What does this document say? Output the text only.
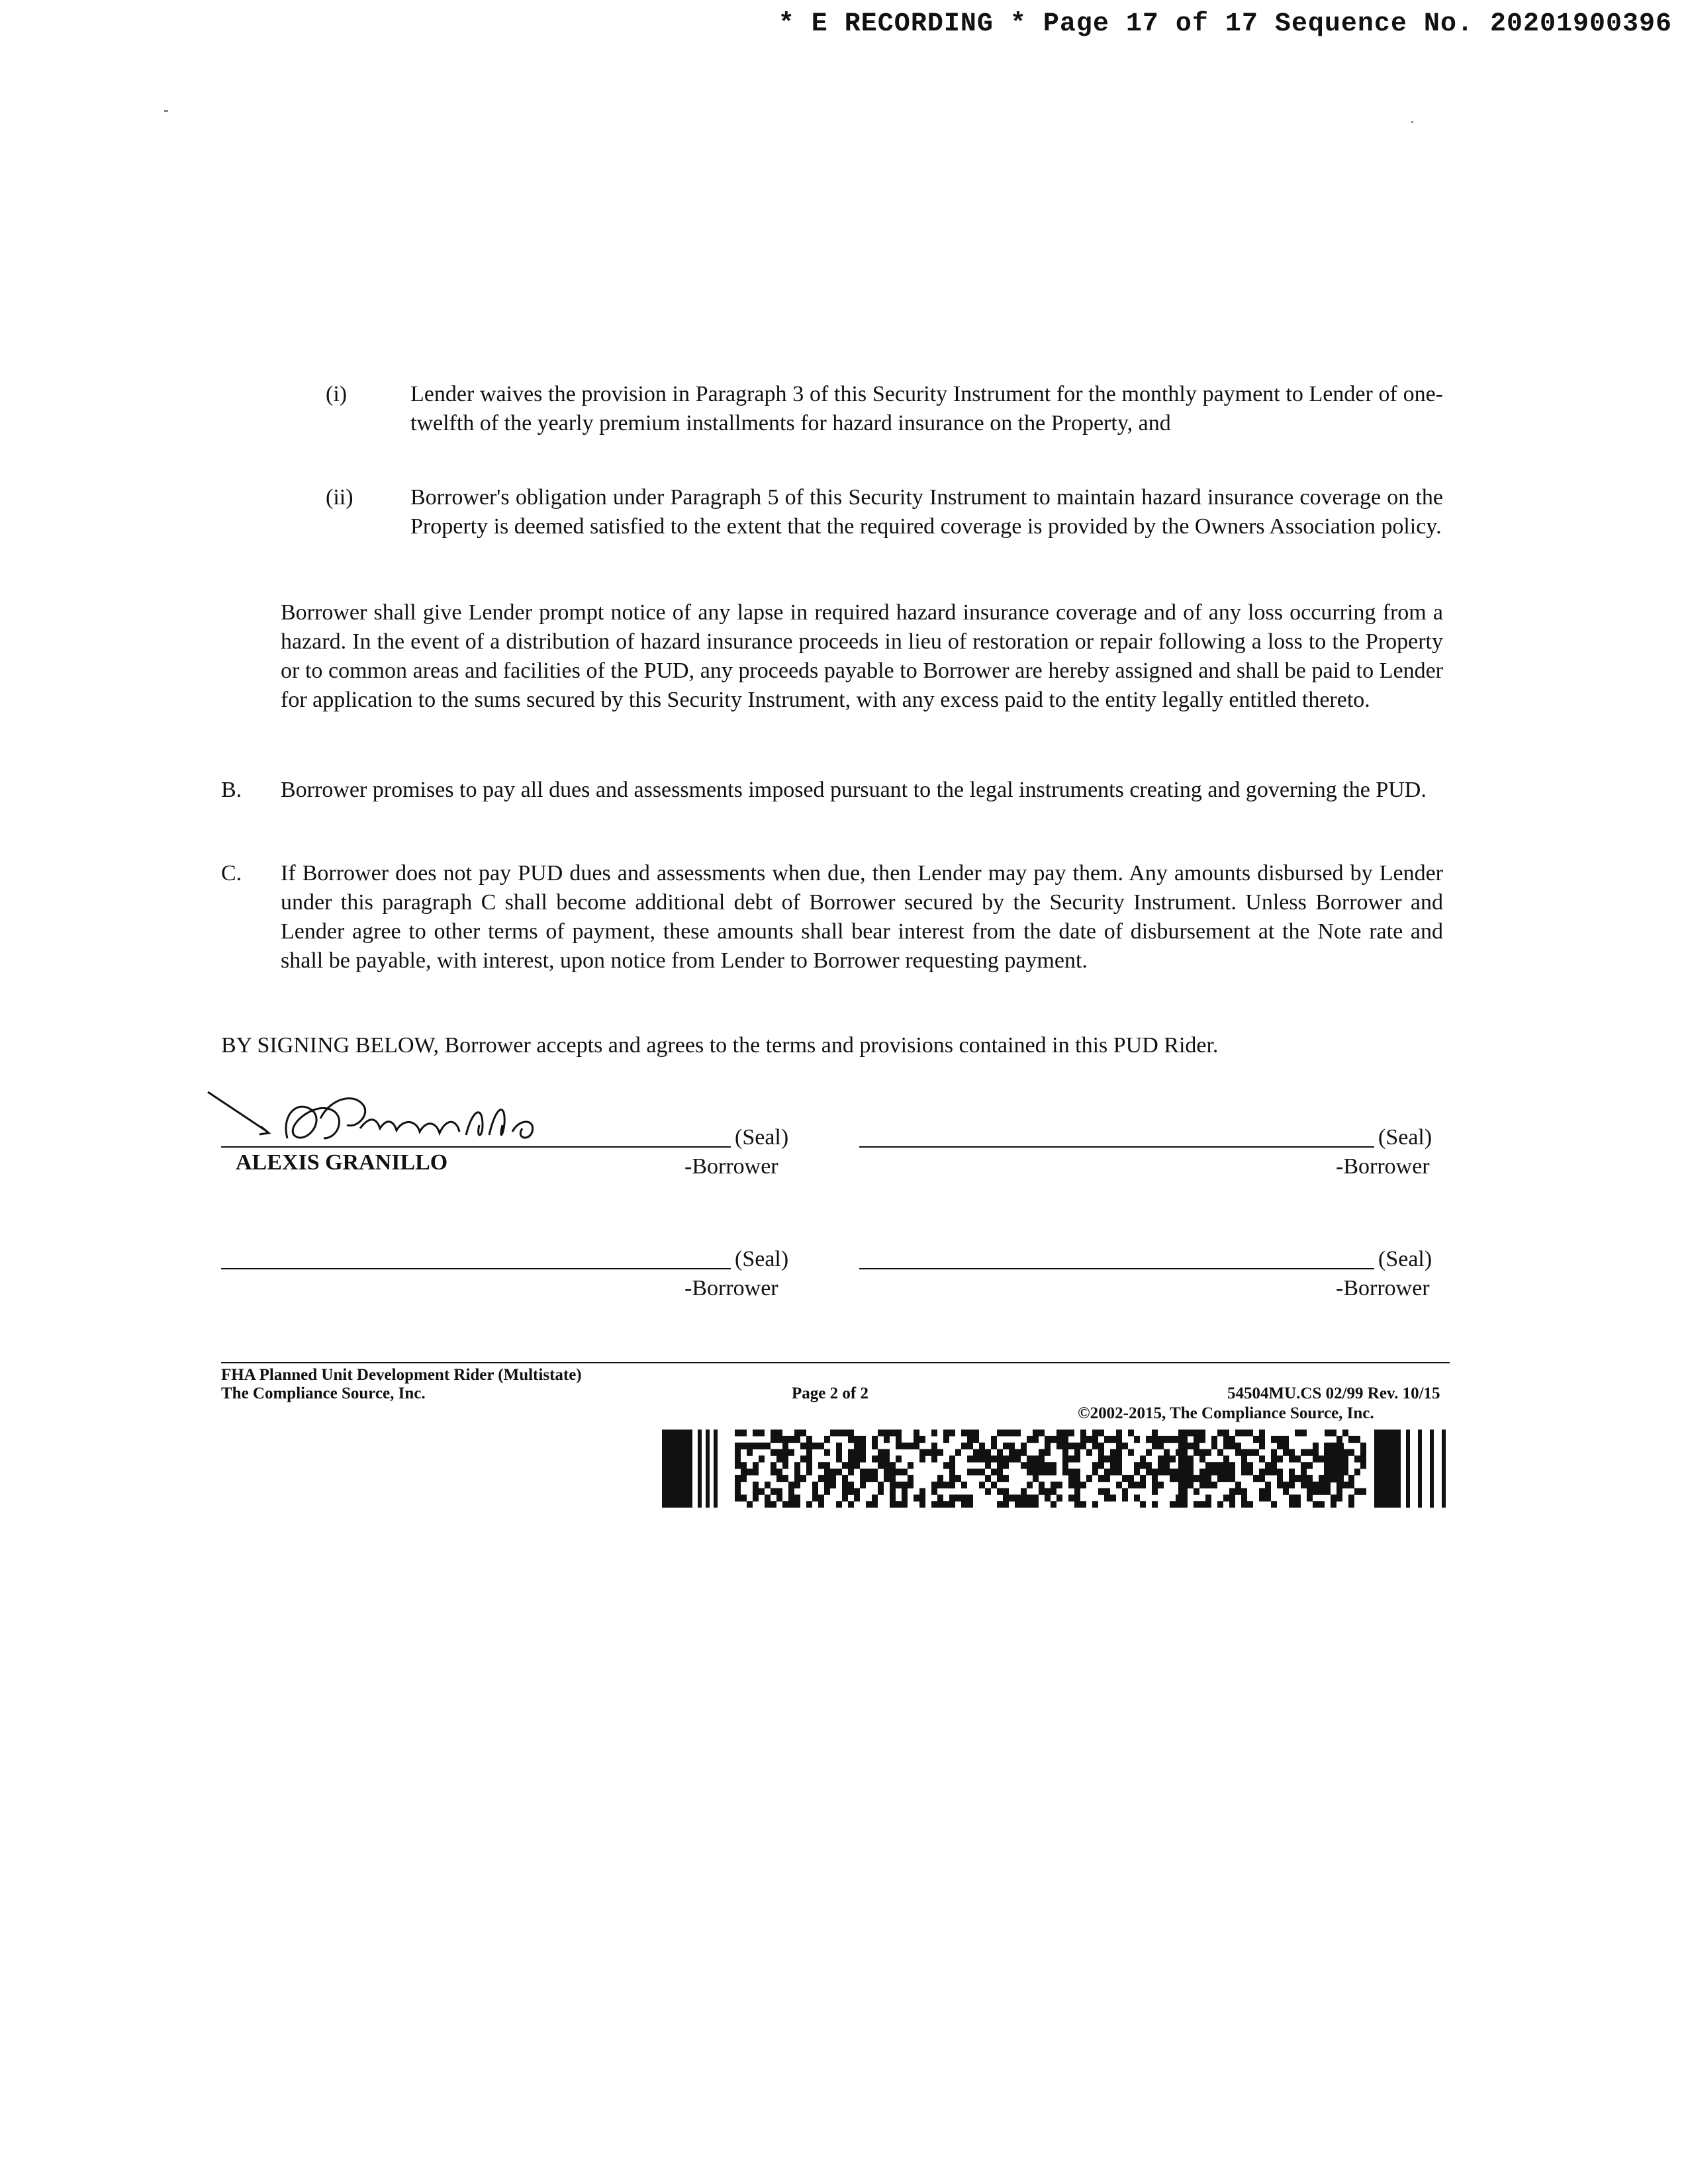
* E RECORDING * Page 17 of 17 Sequence No. 20201900396
(i)	Lender waives the provision in Paragraph 3 of this Security Instrument for the monthly payment to Lender of one-twelfth of the yearly premium installments for hazard insurance on the Property, and
(ii)	Borrower's obligation under Paragraph 5 of this Security Instrument to maintain hazard insurance coverage on the Property is deemed satisfied to the extent that the required coverage is provided by the Owners Association policy.
Borrower shall give Lender prompt notice of any lapse in required hazard insurance coverage and of any loss occurring from a hazard. In the event of a distribution of hazard insurance proceeds in lieu of restoration or repair following a loss to the Property or to common areas and facilities of the PUD, any proceeds payable to Borrower are hereby assigned and shall be paid to Lender for application to the sums secured by this Security Instrument, with any excess paid to the entity legally entitled thereto.
B. Borrower promises to pay all dues and assessments imposed pursuant to the legal instruments creating and governing the PUD.
C. If Borrower does not pay PUD dues and assessments when due, then Lender may pay them. Any amounts disbursed by Lender under this paragraph C shall become additional debt of Borrower secured by the Security Instrument. Unless Borrower and Lender agree to other terms of payment, these amounts shall bear interest from the date of disbursement at the Note rate and shall be payable, with interest, upon notice from Lender to Borrower requesting payment.
BY SIGNING BELOW, Borrower accepts and agrees to the terms and provisions contained in this PUD Rider.
(Seal)
ALEXIS GRANILLO	-Borrower
(Seal)
-Borrower
(Seal)
-Borrower
(Seal)
-Borrower
FHA Planned Unit Development Rider (Multistate)
The Compliance Source, Inc.	Page 2 of 2	54504MU.CS 02/99 Rev. 10/15
©2002-2015, The Compliance Source, Inc.
